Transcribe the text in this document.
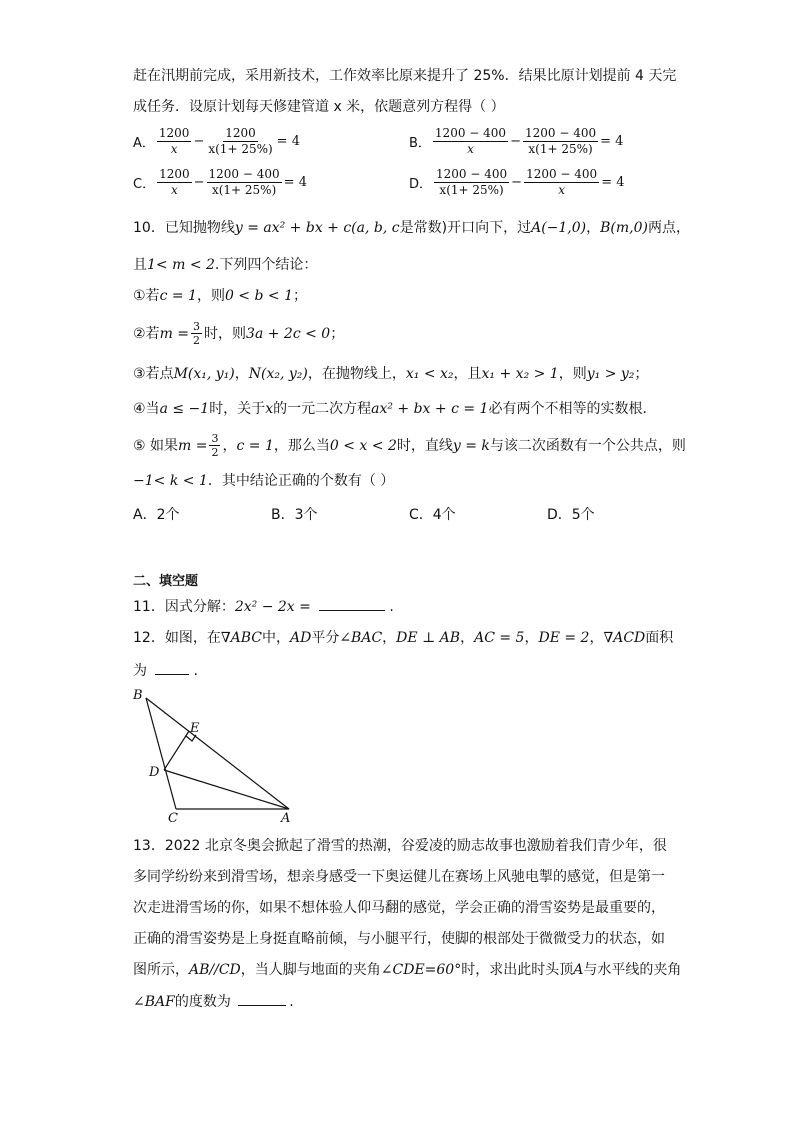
赶在汛期前完成，采用新技术，工作效率比原来提升了 25%．结果比原计划提前 4 天完
成任务．设原计划每天修建管道 x 米，依题意列方程得（ ）
A． $\frac{1200}{x} - \frac{1200}{x(1+ 25\%)} = 4$	B． $\frac{1200 - 400}{x} - \frac{1200 - 400}{x(1+ 25\%)} = 4$
C． $\frac{1200}{x} - \frac{1200 - 400}{x(1+ 25\%)} = 4$	D． $\frac{1200 - 400}{x(1+ 25\%)} - \frac{1200 - 400}{x} = 4$
10．已知抛物线y = ax² + bx + c(a, b, c是常数)开口向下，过A(−1,0)，B(m,0)两点，
且1< m < 2.下列四个结论：
①若c = 1，则0 < b < 1；
②若 $m = \frac{3}{2}$ 时，则 3a + 2c < 0 ；
③若点M(x₁, y₁)，N(x₂, y₂)，在抛物线上，x₁ < x₂，且x₁ + x₂ > 1，则y₁ > y₂；
④当a ≤ −1时，关于x的一元二次方程ax² + bx + c = 1必有两个不相等的实数根．
⑤ 如果 $m = \frac{3}{2}$ ， c = 1 ，那么当 0 < x < 2 时，直线 y = k 与该二次函数有一个公共点，则
−1< k < 1．其中结论正确的个数有（ ）
A．2个	B．3个	C．4个	D．5个
二、填空题
11．因式分解：2x² − 2x =	.
12．如图，在∇ABC中，AD平分∠BAC，DE ⊥ AB，AC = 5，DE = 2，∇ACD面积
为	.
B
E
D
C	A
13．2022 北京冬奥会掀起了滑雪的热潮，谷爱凌的励志故事也激励着我们青少年，很
多同学纷纷来到滑雪场，想亲身感受一下奥运健儿在赛场上风驰电掣的感觉，但是第一
次走进滑雪场的你，如果不想体验人仰马翻的感觉，学会正确的滑雪姿势是最重要的，
正确的滑雪姿势是上身挺直略前倾，与小腿平行，使脚的根部处于微微受力的状态，如
图所示，AB//CD，当人脚与地面的夹角∠CDE=60°时，求出此时头顶A与水平线的夹角
∠BAF的度数为	.
